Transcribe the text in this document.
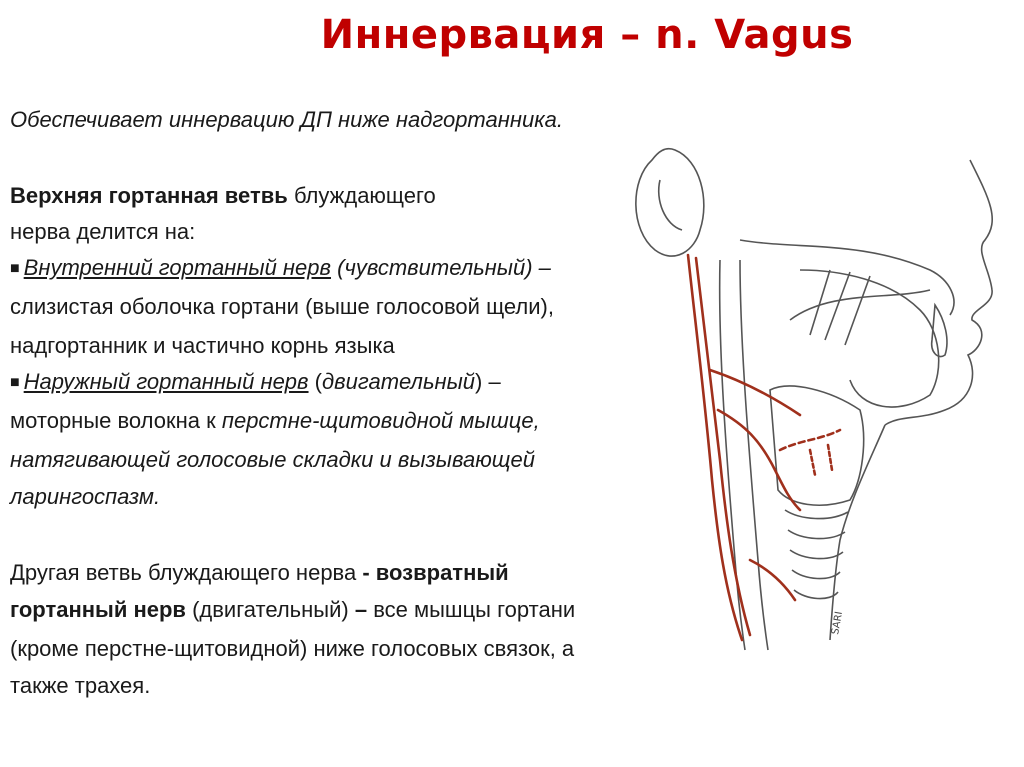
Иннервация – n. Vagus
Обеспечивает иннервацию ДП ниже надгортанника.
Верхняя гортанная ветвь блуждающего
нерва делится на:
■ Внутренний гортанный нерв (чувствительный) –
слизистая оболочка гортани (выше голосовой щели),
надгортанник и частично корнь языка
■ Наружный гортанный нерв (двигательный) –
моторные волокна к перстне-щитовидной мышце,
натягивающей голосовые складки и вызывающей
ларингоспазм.
Другая ветвь блуждающего нерва - возвратный
гортанный нерв (двигательный) – все мышцы гортани
(кроме перстне-щитовидной) ниже голосовых связок, а
также трахея.
SARI
